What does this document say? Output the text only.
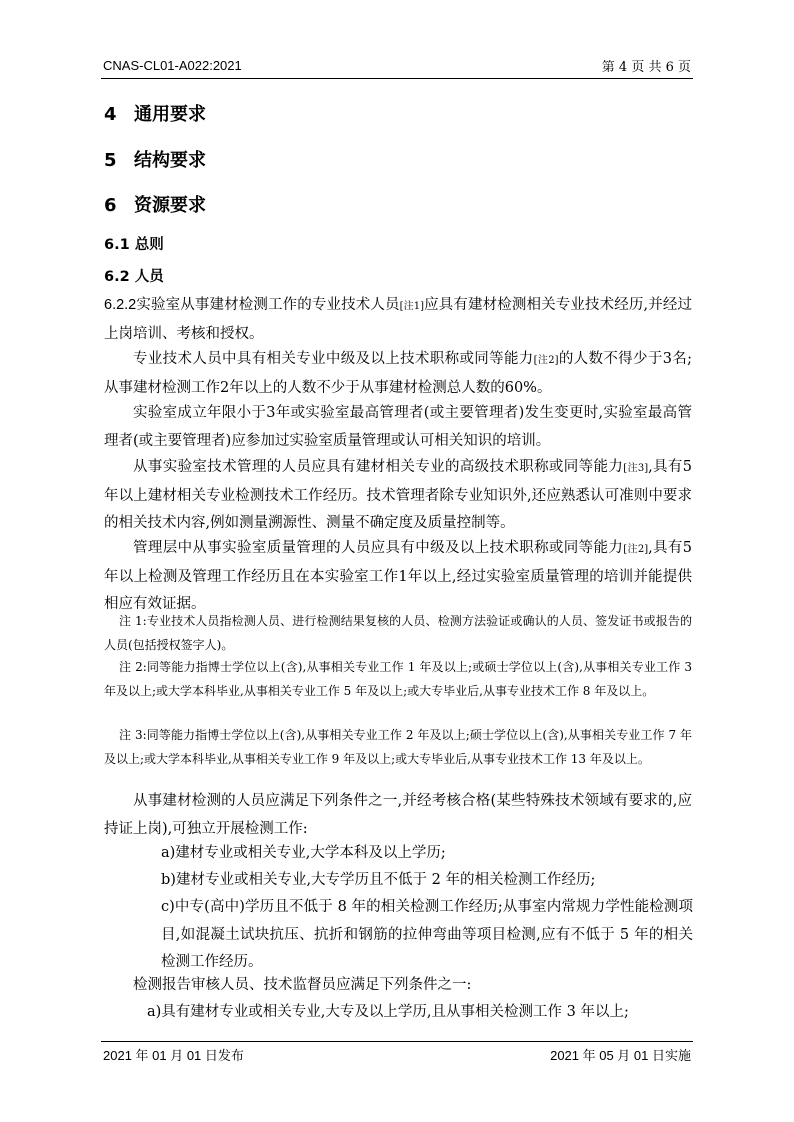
CNAS-CL01-A022:2021	第 4 页 共 6 页
4 通用要求
5 结构要求
6 资源要求
6.1 总则
6.2 人员
6.2.2实验室从事建材检测工作的专业技术人员[注1]应具有建材检测相关专业技术经历,并经过上岗培训、考核和授权。
专业技术人员中具有相关专业中级及以上技术职称或同等能力[注2]的人数不得少于3名;从事建材检测工作2年以上的人数不少于从事建材检测总人数的60%。
实验室成立年限小于3年或实验室最高管理者(或主要管理者)发生变更时,实验室最高管理者(或主要管理者)应参加过实验室质量管理或认可相关知识的培训。
从事实验室技术管理的人员应具有建材相关专业的高级技术职称或同等能力[注3],具有5年以上建材相关专业检测技术工作经历。技术管理者除专业知识外,还应熟悉认可准则中要求的相关技术内容,例如测量溯源性、测量不确定度及质量控制等。
管理层中从事实验室质量管理的人员应具有中级及以上技术职称或同等能力[注2],具有5年以上检测及管理工作经历且在本实验室工作1年以上,经过实验室质量管理的培训并能提供相应有效证据。
注 1:专业技术人员指检测人员、进行检测结果复核的人员、检测方法验证或确认的人员、签发证书或报告的人员(包括授权签字人)。
注 2:同等能力指博士学位以上(含),从事相关专业工作 1 年及以上;或硕士学位以上(含),从事相关专业工作 3 年及以上;或大学本科毕业,从事相关专业工作 5 年及以上;或大专毕业后,从事专业技术工作 8 年及以上。
注 3:同等能力指博士学位以上(含),从事相关专业工作 2 年及以上;硕士学位以上(含),从事相关专业工作 7 年及以上;或大学本科毕业,从事相关专业工作 9 年及以上;或大专毕业后,从事专业技术工作 13 年及以上。
从事建材检测的人员应满足下列条件之一,并经考核合格(某些特殊技术领域有要求的,应持证上岗),可独立开展检测工作:
a)建材专业或相关专业,大学本科及以上学历;
b)建材专业或相关专业,大专学历且不低于 2 年的相关检测工作经历;
c)中专(高中)学历且不低于 8 年的相关检测工作经历;从事室内常规力学性能检测项目,如混凝土试块抗压、抗折和钢筋的拉伸弯曲等项目检测,应有不低于 5 年的相关检测工作经历。
检测报告审核人员、技术监督员应满足下列条件之一:
a)具有建材专业或相关专业,大专及以上学历,且从事相关检测工作 3 年以上;
2021 年 01 月 01 日发布	2021 年 05 月 01 日实施
